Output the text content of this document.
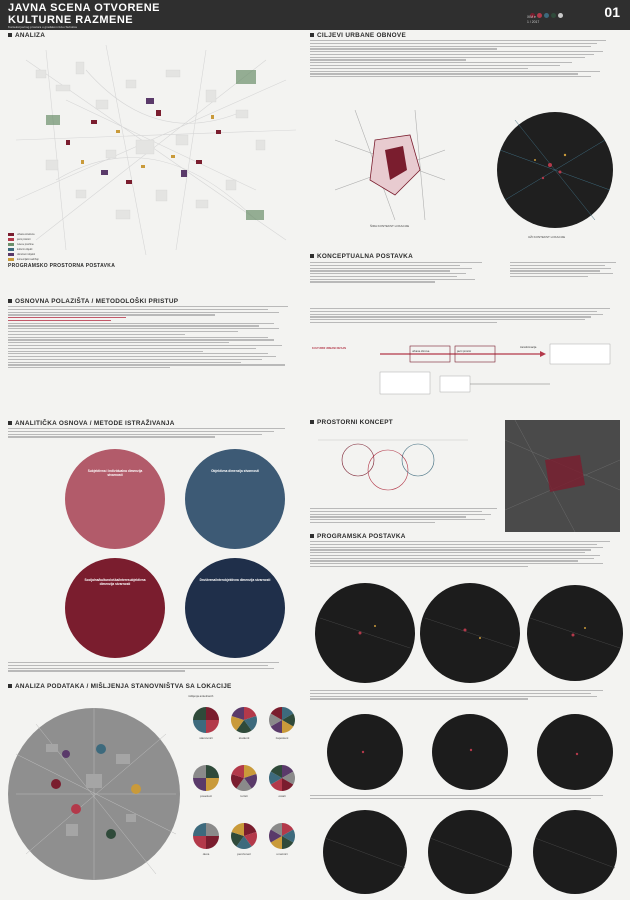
JAVNA SCENA OTVORENE
KULTURNE RAZMENE
Kontekst javnog prostora u gradskom tkivu Subotice
XIM e
1 / 2017
01
ANALIZA
urbana struktura
javni prostori
zelene površine
kulturni objekti
obrazovni objekti
komercijalni sadržaji
PROGRAMSKO PROSTORNA POSTAVKA
OSNOVNA POLAZIŠTA / METODOLOŠKI PRISTUP
ANALITIČKA OSNOVA / METODE ISTRAŽIVANJA
Subjektivna i individualna dimenzija stvarnosti
Objektivna dimenzija stvarnosti
Socijalna/kulturološka/interesubjektivna dimenzija stvarnosti
Društvena/interobjektivna dimenzija stvarnosti
ANALIZA PODATAKA / MIŠLJENJA STANOVNIŠTVA SA LOKACIJE
mišljenja anketiranih
stanovnici	studenti	zaposleni
posetioci	turisti	ostali
deca	penzioneri	umetnici
CILJEVI URBANE OBNOVE
ŠIRA KONTEKST LOKACIJE
UŽI KONTEKST LOKACIJE
KONCEPTUALNA POSTAVKA
KULTURNI URBANI DIZAJN
urbana obnova	javni prostor
transformacija
PROSTORNI KONCEPT
PROGRAMSKA POSTAVKA
